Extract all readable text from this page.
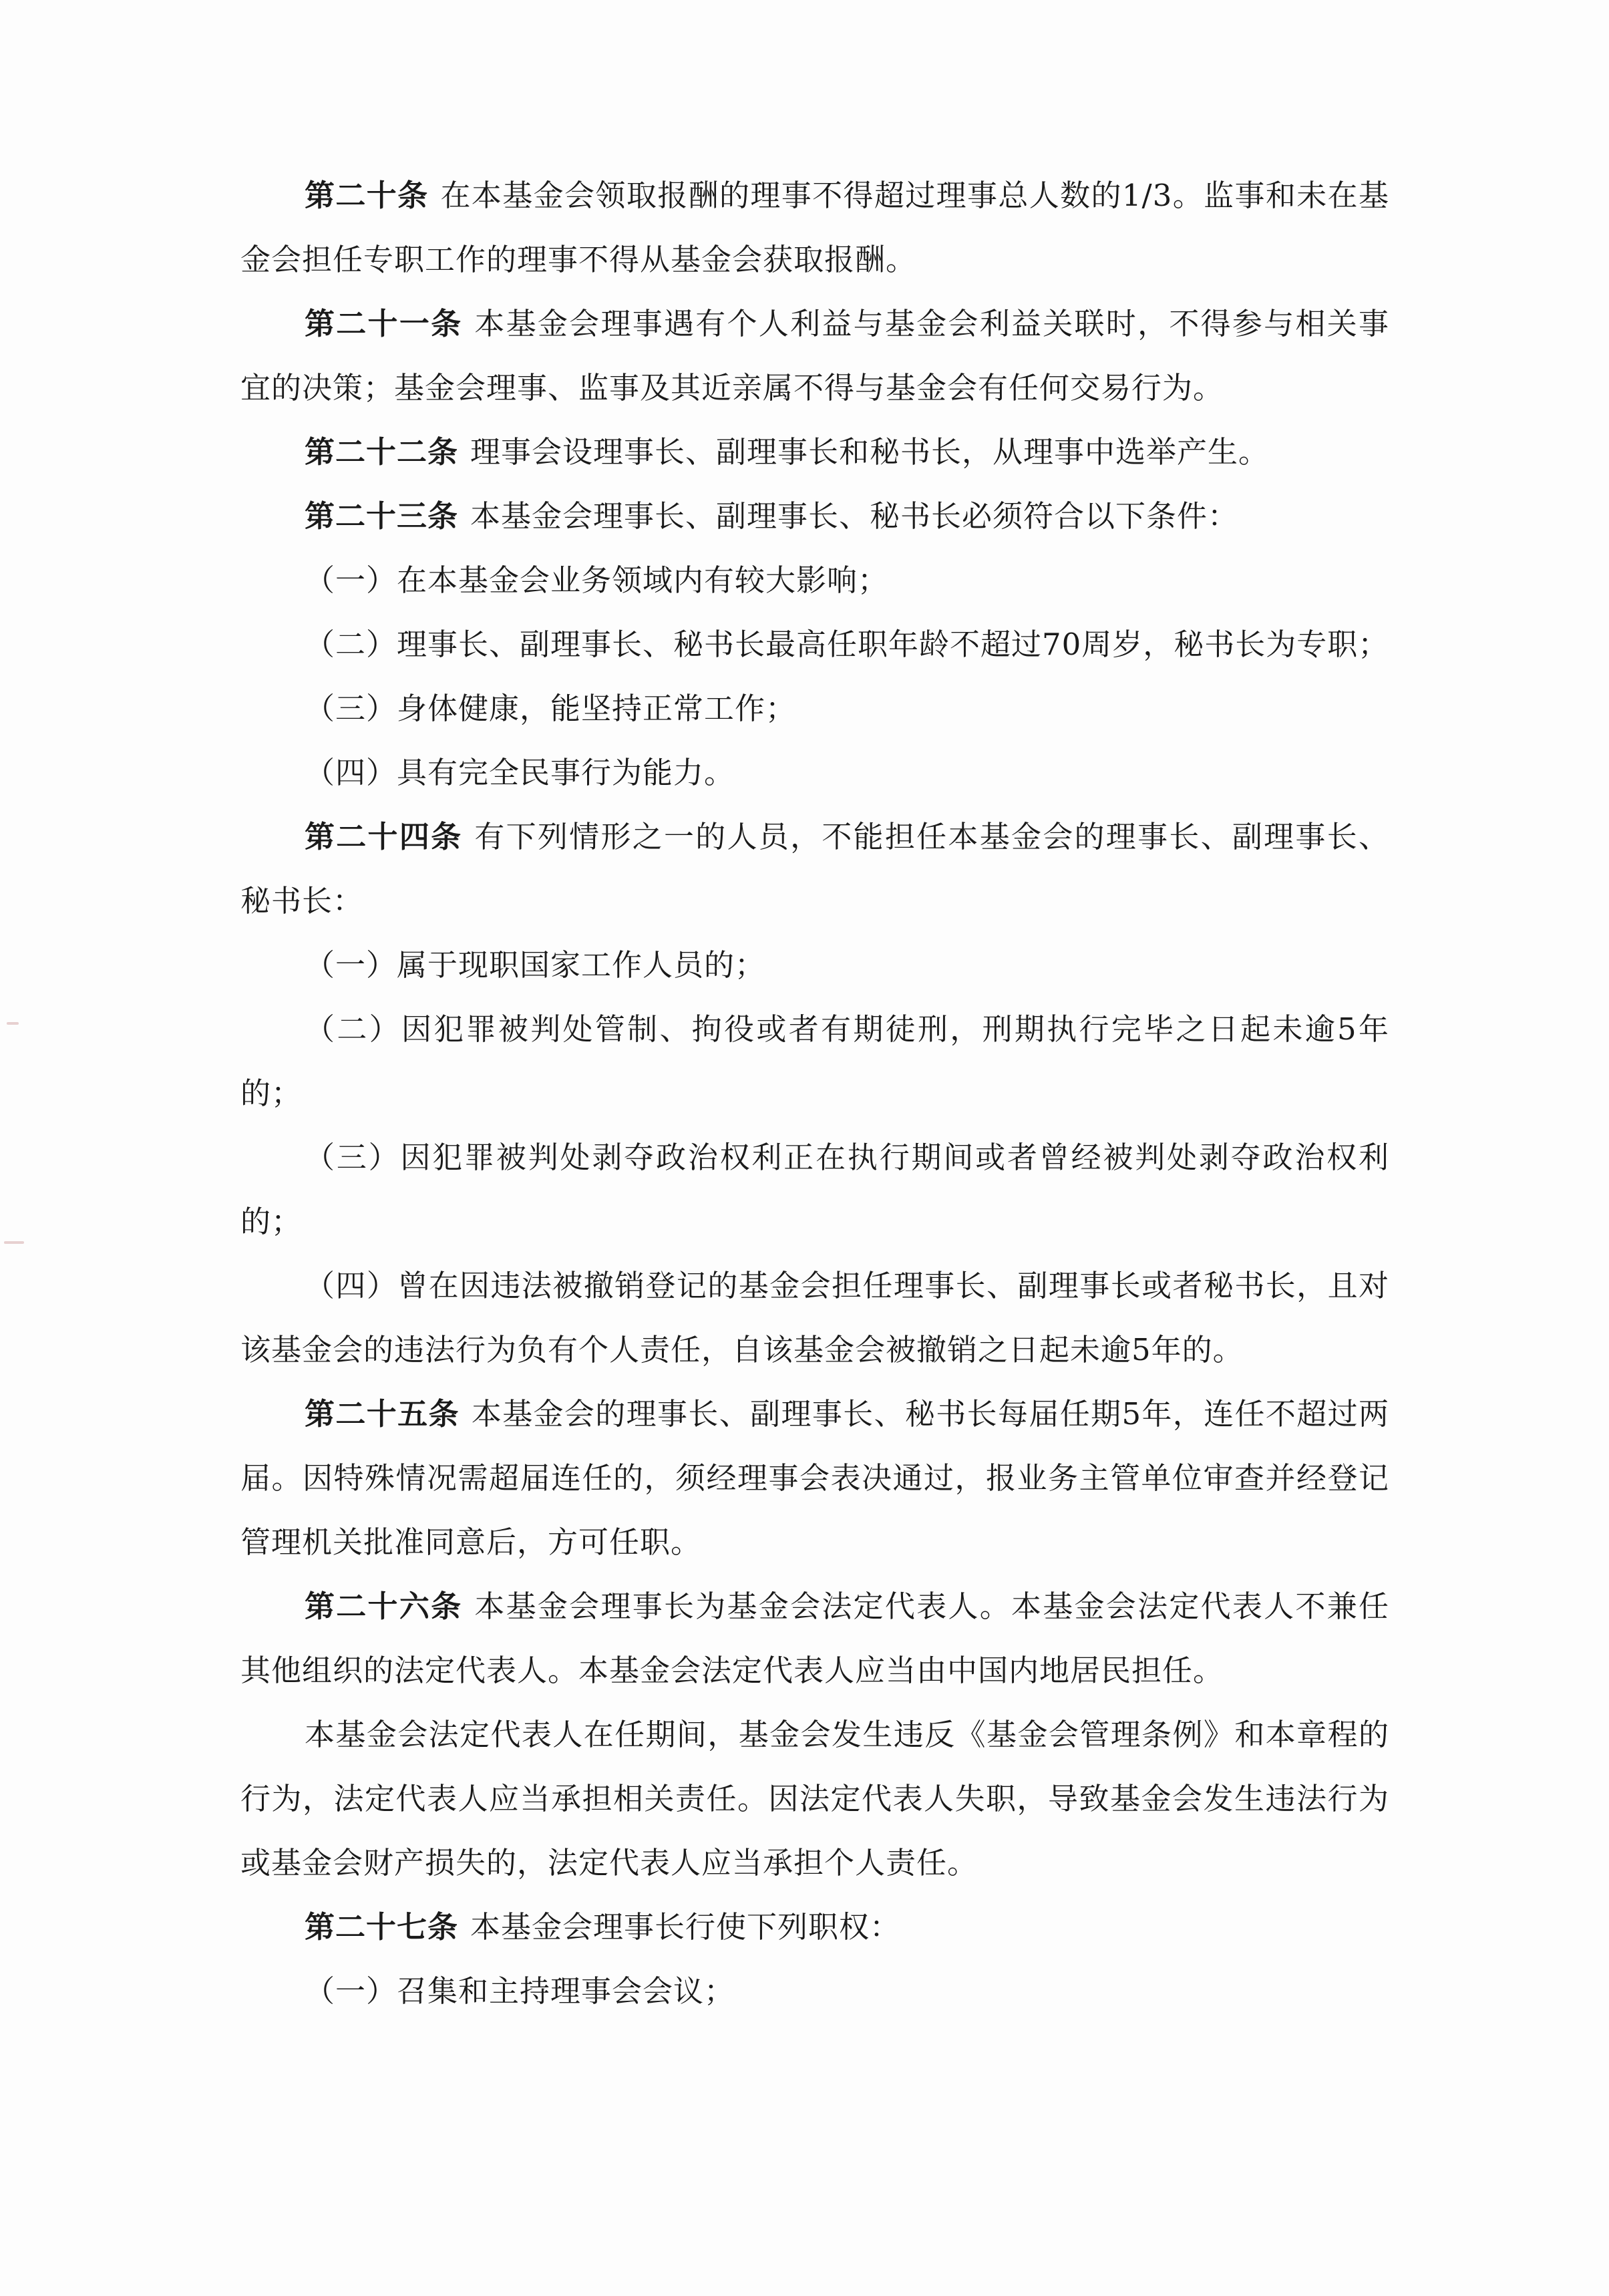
第二十条 在本基金会领取报酬的理事不得超过理事总人数的1/3。监事和未在基金会担任专职工作的理事不得从基金会获取报酬。

第二十一条 本基金会理事遇有个人利益与基金会利益关联时，不得参与相关事宜的决策；基金会理事、监事及其近亲属不得与基金会有任何交易行为。

第二十二条 理事会设理事长、副理事长和秘书长，从理事中选举产生。

第二十三条 本基金会理事长、副理事长、秘书长必须符合以下条件：

（一）在本基金会业务领域内有较大影响；

（二）理事长、副理事长、秘书长最高任职年龄不超过70周岁，秘书长为专职；

（三）身体健康，能坚持正常工作；

（四）具有完全民事行为能力。

第二十四条 有下列情形之一的人员，不能担任本基金会的理事长、副理事长、秘书长：

（一）属于现职国家工作人员的；

（二）因犯罪被判处管制、拘役或者有期徒刑，刑期执行完毕之日起未逾5年的；

（三）因犯罪被判处剥夺政治权利正在执行期间或者曾经被判处剥夺政治权利的；

（四）曾在因违法被撤销登记的基金会担任理事长、副理事长或者秘书长，且对该基金会的违法行为负有个人责任，自该基金会被撤销之日起未逾5年的。

第二十五条 本基金会的理事长、副理事长、秘书长每届任期5年，连任不超过两届。因特殊情况需超届连任的，须经理事会表决通过，报业务主管单位审查并经登记管理机关批准同意后，方可任职。

第二十六条 本基金会理事长为基金会法定代表人。本基金会法定代表人不兼任其他组织的法定代表人。本基金会法定代表人应当由中国内地居民担任。

本基金会法定代表人在任期间，基金会发生违反《基金会管理条例》和本章程的行为，法定代表人应当承担相关责任。因法定代表人失职，导致基金会发生违法行为或基金会财产损失的，法定代表人应当承担个人责任。

第二十七条 本基金会理事长行使下列职权：

（一）召集和主持理事会会议；
